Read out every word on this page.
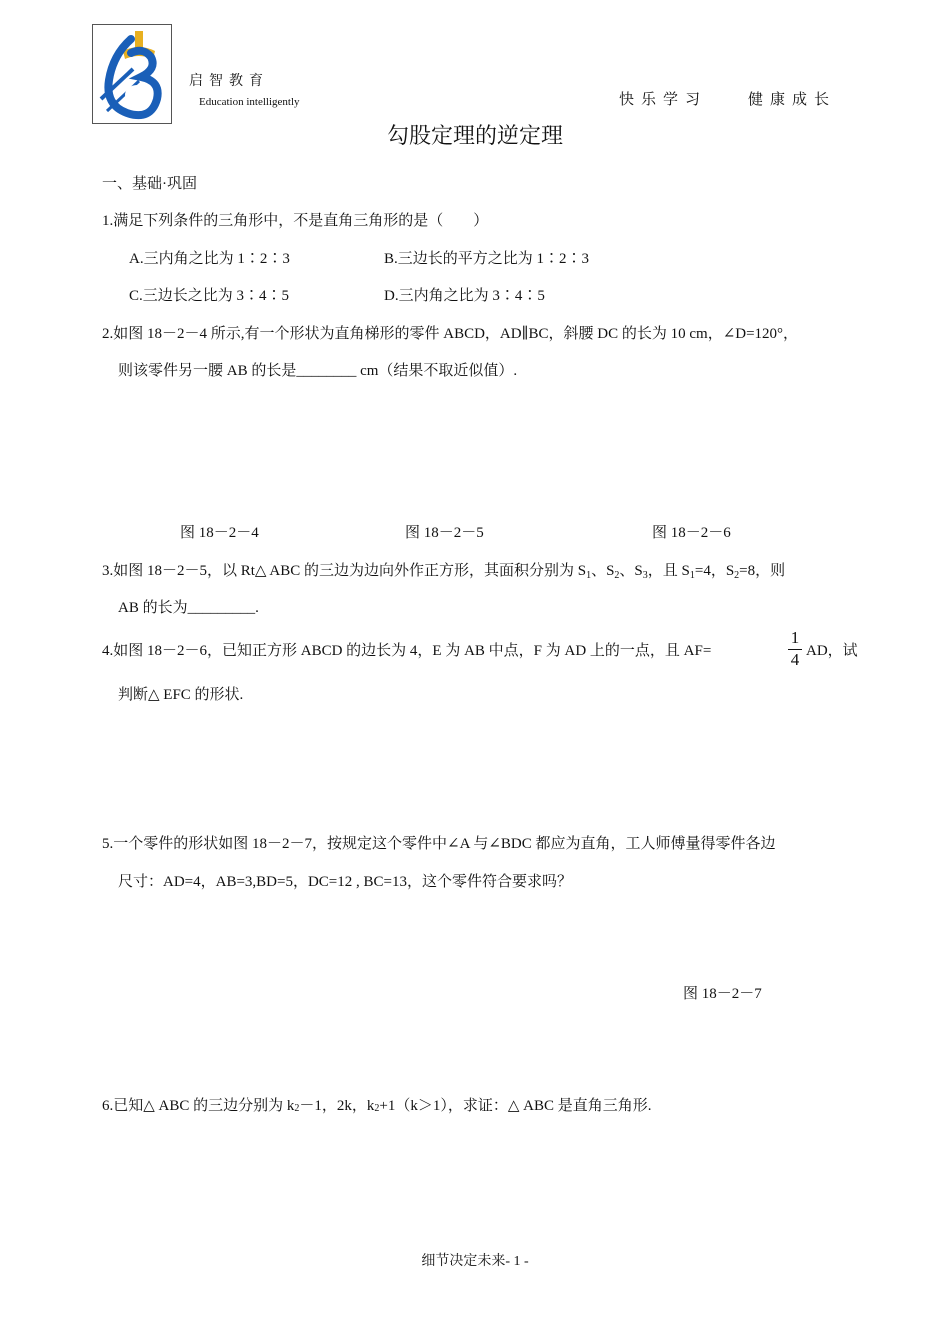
启智教育
Education intelligently	快乐学习	健康成长
勾股定理的逆定理
一、基础·巩固
1.满足下列条件的三角形中，不是直角三角形的是（　　）
A.三内角之比为 1∶2∶3	B.三边长的平方之比为 1∶2∶3
C.三边长之比为 3∶4∶5	D.三内角之比为 3∶4∶5
2.如图 18－2－4 所示,有一个形状为直角梯形的零件 ABCD，AD∥BC，斜腰 DC 的长为 10 cm，∠D=120°，
则该零件另一腰 AB 的长是________ cm（结果不取近似值）.
图 18－2－4	图 18－2－5	图 18－2－6
3.如图 18－2－5，以 Rt△ ABC 的三边为边向外作正方形，其面积分别为 $S_1$、$S_2$、$S_3$，且 $S_1=4$，$S_2=8$，则
AB 的长为_________.
4.如图 18－2－6，已知正方形 ABCD 的边长为 4，E 为 AB 中点，F 为 AD 上的一点，且 AF=
1
4 AD，试
判断△ EFC 的形状.
5.一个零件的形状如图 18－2－7，按规定这个零件中∠A 与∠BDC 都应为直角，工人师傅量得零件各边
尺寸：AD=4，AB=3,BD=5，DC=12 , BC=13，这个零件符合要求吗？
图 18－2－7
6.已知△ ABC 的三边分别为 k2－1，2k，k2+1（k＞1），求证：△ ABC 是直角三角形.
细节决定未来- 1 -
